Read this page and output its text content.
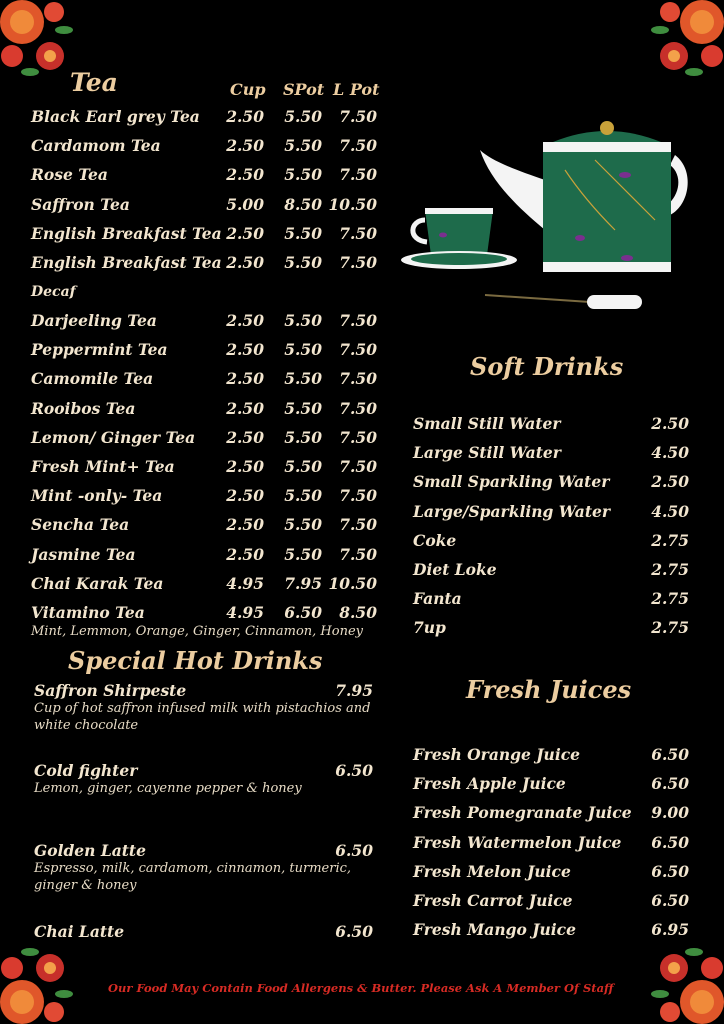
Tea	Cup SPot L Pot
Black Earl grey Tea 2.50 5.50 7.50
Cardamom Tea	2.50 5.50 7.50
Rose Tea	2.50 5.50 7.50
Saffron Tea	5.00 8.50 10.50
English Breakfast Tea 2.50 5.50 7.50
English Breakfast Tea 2.50 5.50 7.50
Decaf
Darjeeling Tea	2.50 5.50 7.50
Peppermint Tea	2.50 5.50 7.50
Camomile Tea	2.50 5.50 7.50
Rooibos Tea	2.50 5.50 7.50
Lemon/ Ginger Tea 2.50 5.50 7.50
Fresh Mint+ Tea	2.50 5.50 7.50
Mint -only- Tea	2.50 5.50 7.50
Sencha Tea	2.50 5.50 7.50
Jasmine Tea	2.50 5.50 7.50
Chai Karak Tea	4.95 7.95 10.50
Vitamino Tea	4.95 6.50 8.50
Mint, Lemmon, Orange, Ginger, Cinnamon, Honey
Special Hot Drinks
Saffron Shirpeste	7.95
Cup of hot saffron infused milk with pistachios and white chocolate
Cold fighter	6.50
Lemon, ginger, cayenne pepper & honey
Golden Latte	6.50
Espresso, milk, cardamom, cinnamon, turmeric, ginger & honey
Chai Latte	6.50
Soft Drinks
Small Still Water	2.50
Large Still Water	4.50
Small Sparkling Water	2.50
Large/Sparkling Water	4.50
Coke	2.75
Diet Loke	2.75
Fanta	2.75
7up	2.75
Fresh Juices
Fresh Orange Juice	6.50
Fresh Apple Juice	6.50
Fresh Pomegranate Juice 9.00
Fresh Watermelon Juice 6.50
Fresh Melon Juice	6.50
Fresh Carrot Juice	6.50
Fresh Mango Juice	6.95
Our Food May Contain Food Allergens & Butter. Please Ask A Member Of Staff
